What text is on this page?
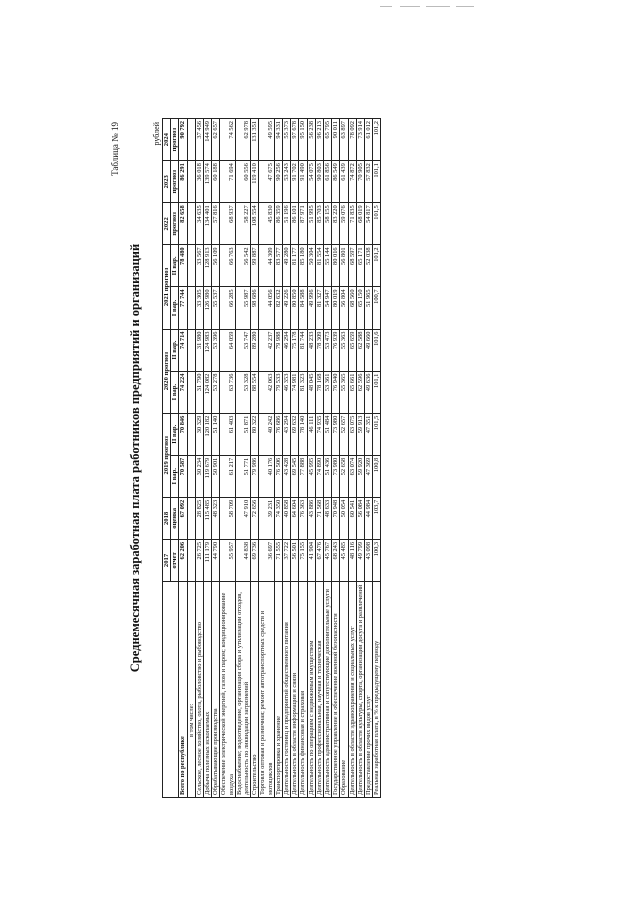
Таблица № 19
Среднемесячная заработная плата работников предприятий и организаций
рублей
	2017	2018	2019 прогноз		2020 прогноз		2021 прогноз		2022	2023	2024
	отчет	оценка	I вар.	II вар.	I вар.	II вар.	I вар.	II вар.	прогноз	прогноз	прогноз
Всего по республике	62 206	67 092	70 587	70 846	74 224	74 714	77 744	78 480	82 658	86 291	90 792
в том числе:											
Сельское, лесное хозяйство, охота, рыболовство и рыбоводство	26 725	28 825	30 234	30 329	31 790	31 980	33 305	33 567	34 635	36 018	37 456
Добыча полезных ископаемых	111 179	115 485	119 679	120 182	124 082	124 983	126 980	128 913	134 401	139 574	144 949
Обрабатывающие производства	44 790	48 323	50 901	51 140	53 278	53 396	55 537	56 109	57 816	60 188	62 657
Обеспечение электрической энергией, газом и паром; кондиционирование воздуха	55 957	58 709	61 217	61 403	63 736	64 059	66 285	66 763	68 937	71 694	74 562
Водоснабжение; водоотведение, организация сбора и утилизации отходов, деятельность по ликвидации загрязнений	44 838	47 910	51 771	51 871	53 328	53 747	55 987	56 542	58 227	60 556	62 978
Строительство	69 736	72 656	79 986	80 322	88 554	89 280	98 686	99 887	108 554	119 410	131 351
Торговля оптовая и розничная; ремонт автотранспортных средств и мотоциклов	36 697	39 231	40 176	40 242	42 063	42 237	44 056	44 309	45 830	47 675	49 595
Транспортировка и хранение	71 555	74 350	76 506	76 686	79 533	79 988	82 632	83 577	86 359	90 256	94 331
Деятельность гостиниц и предприятий общественного питания	37 722	40 858	43 428	43 294	46 353	46 294	49 226	49 280	51 196	53 243	55 373
Деятельность в области информации и связи	56 501	64 604	69 545	69 632	74 981	75 178	80 850	81 177	86 101	91 702	97 678
Деятельность финансовая и страховая	75 155	76 363	77 888	78 140	81 323	81 744	84 588	85 180	87 971	91 490	95 150
Деятельность по операциям с недвижимым имуществом	41 904	43 886	45 995	46 111	48 045	48 233	49 996	50 304	51 995	54 075	56 238
Деятельность профессиональная, научная и техническая	67 476	71 568	74 890	74 935	78 168	78 309	81 327	81 554	85 703	90 803	96 213
Деятельность административная и сопутствующие дополнительные услуги	45 767	48 633	51 436	51 484	53 361	53 473	54 947	55 144	58 155	61 856	65 795
Государственное управление и обеспечение военной безопасности	68 243	70 948	73 980	73 980	76 940	76 939	80 019	80 016	83 220	86 549	90 011
Образование	45 485	50 054	52 658	52 657	55 365	55 363	56 804	56 801	59 076	61 439	63 897
Деятельность в области здравоохранения и социальных услуг	48 116	60 541	63 074	63 075	65 661	65 659	68 560	68 597	71 835	74 872	78 092
Деятельность в области культуры, спорта, организации досуга и развлечений	49 799	56 084	59 920	59 913	62 596	62 588	65 150	65 171	68 019	70 905	73 914
Предоставление прочих видов услуг	43 098	44 984	47 369	47 351	49 636	49 660	51 965	52 038	54 817	57 832	61 012
Реальная заработная плата, в % к предыдущему периоду	100,3	103,7	100,8	101,5	101,1	101,6	100,7	101,2	101,5	101,1	101,2
